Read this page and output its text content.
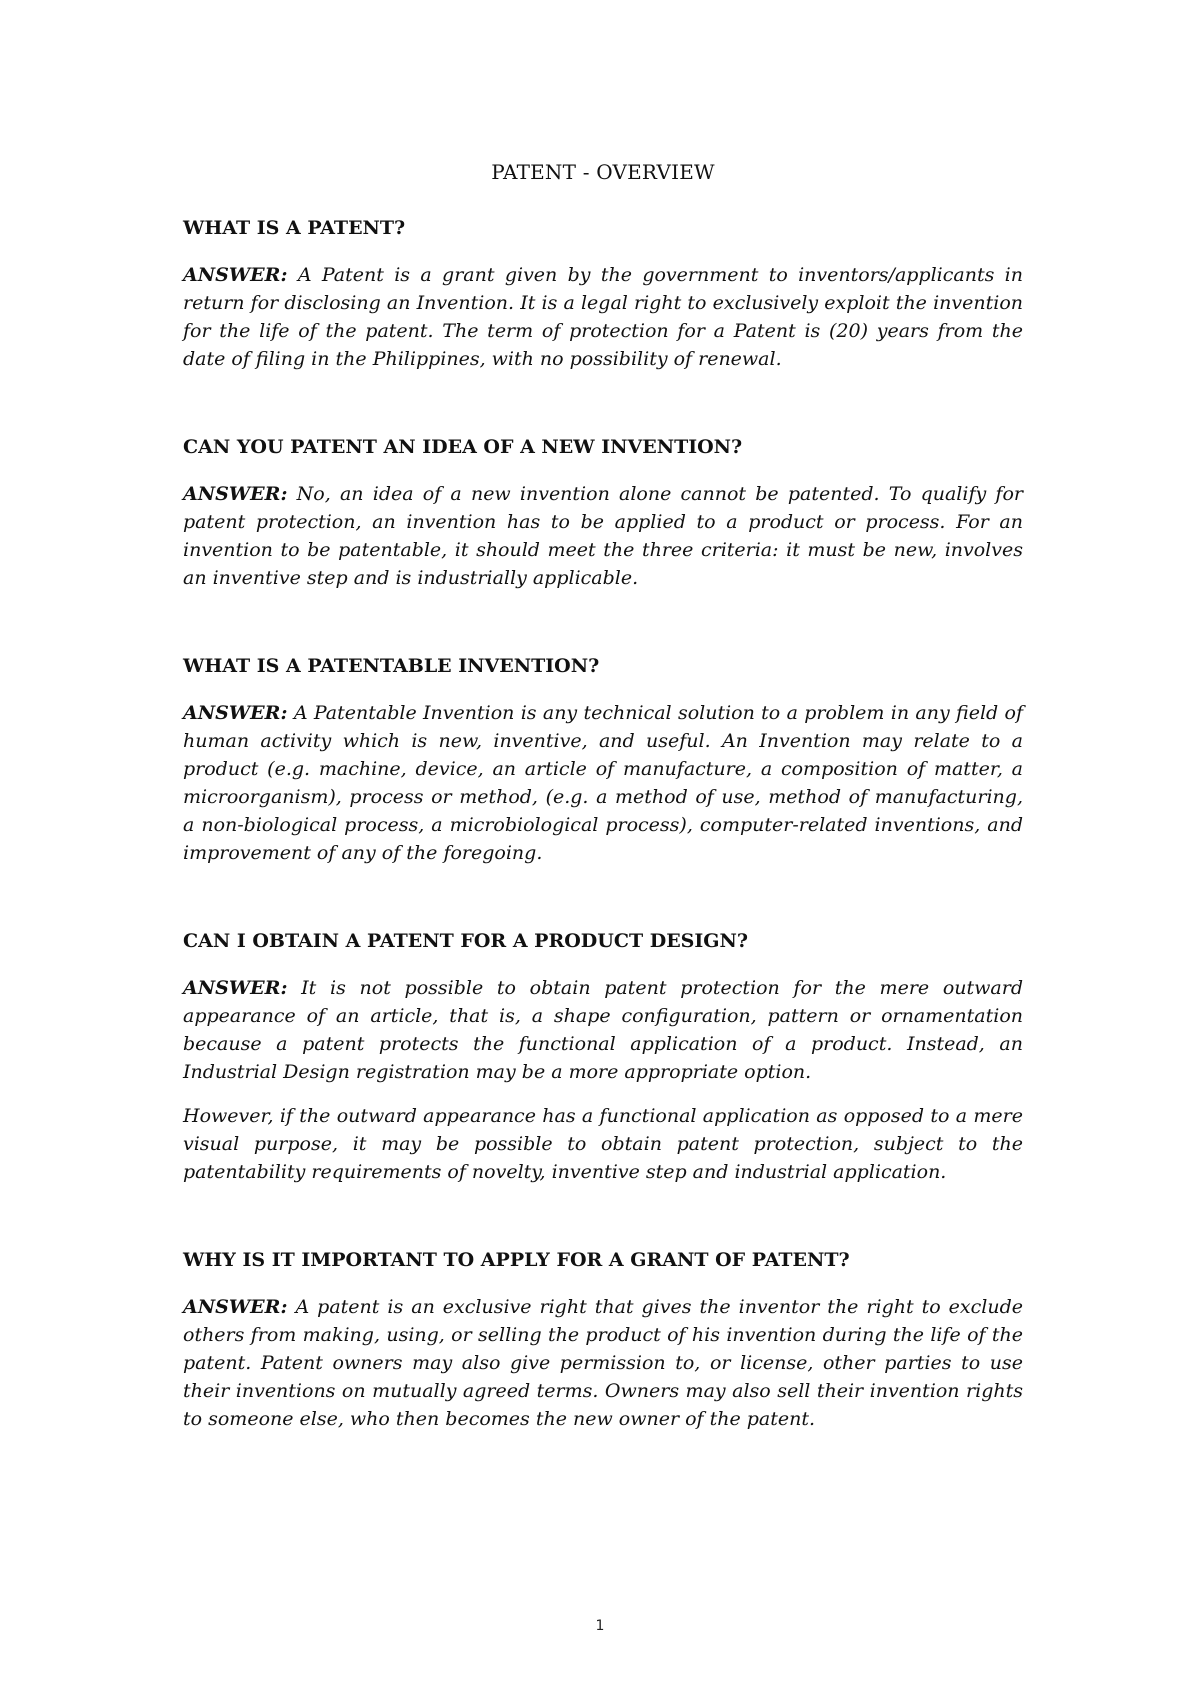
PATENT - OVERVIEW

WHAT IS A PATENT?

ANSWER: A Patent is a grant given by the government to inventors/applicants in return for disclosing an Invention. It is a legal right to exclusively exploit the invention for the life of the patent. The term of protection for a Patent is (20) years from the date of filing in the Philippines, with no possibility of renewal.

CAN YOU PATENT AN IDEA OF A NEW INVENTION?

ANSWER: No, an idea of a new invention alone cannot be patented. To qualify for patent protection, an invention has to be applied to a product or process. For an invention to be patentable, it should meet the three criteria: it must be new, involves an inventive step and is industrially applicable.

WHAT IS A PATENTABLE INVENTION?

ANSWER: A Patentable Invention is any technical solution to a problem in any field of human activity which is new, inventive, and useful. An Invention may relate to a product (e.g. machine, device, an article of manufacture, a composition of matter, a microorganism), process or method, (e.g. a method of use, method of manufacturing, a non-biological process, a microbiological process), computer-related inventions, and improvement of any of the foregoing.

CAN I OBTAIN A PATENT FOR A PRODUCT DESIGN?

ANSWER: It is not possible to obtain patent protection for the mere outward appearance of an article, that is, a shape configuration, pattern or ornamentation because a patent protects the functional application of a product. Instead, an Industrial Design registration may be a more appropriate option.

However, if the outward appearance has a functional application as opposed to a mere visual purpose, it may be possible to obtain patent protection, subject to the patentability requirements of novelty, inventive step and industrial application.

WHY IS IT IMPORTANT TO APPLY FOR A GRANT OF PATENT?

ANSWER: A patent is an exclusive right that gives the inventor the right to exclude others from making, using, or selling the product of his invention during the life of the patent. Patent owners may also give permission to, or license, other parties to use their inventions on mutually agreed terms. Owners may also sell their invention rights to someone else, who then becomes the new owner of the patent.

1
